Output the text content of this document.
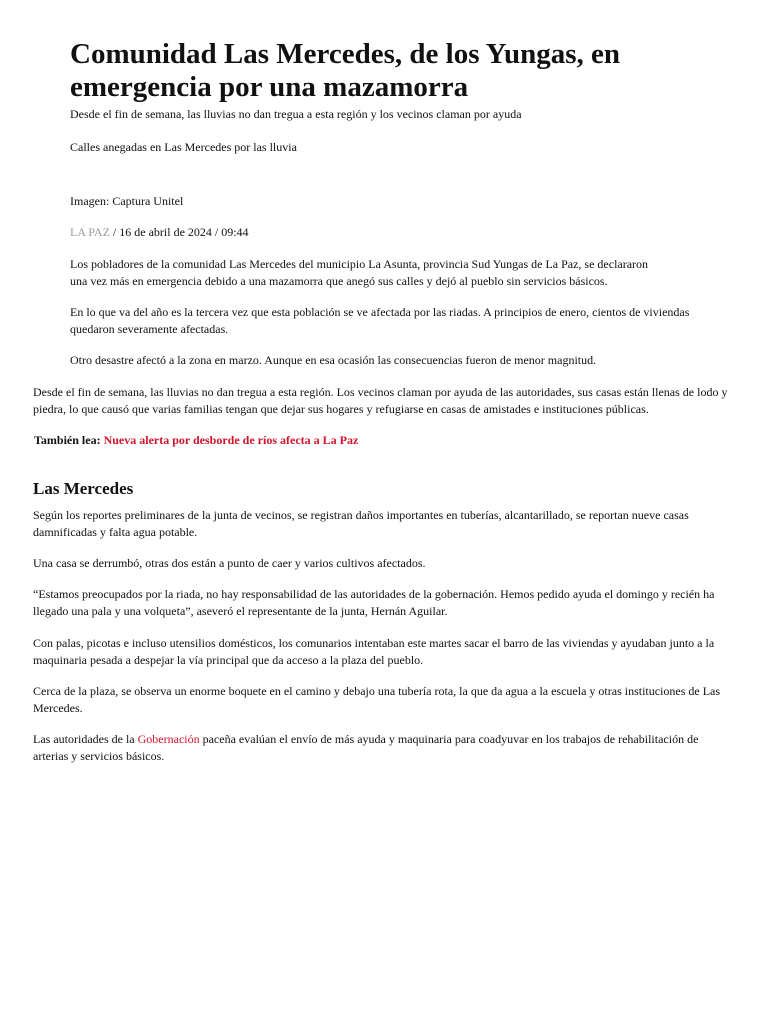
Comunidad Las Mercedes, de los Yungas, en emergencia por una mazamorra

Desde el fin de semana, las lluvias no dan tregua a esta región y los vecinos claman por ayuda

Calles anegadas en Las Mercedes por las lluvia

Imagen: Captura Unitel

LA PAZ / 16 de abril de 2024 / 09:44

Los pobladores de la comunidad Las Mercedes del municipio La Asunta, provincia Sud Yungas de La Paz, se declararon
una vez más en emergencia debido a una mazamorra que anegó sus calles y dejó al pueblo sin servicios básicos.

En lo que va del año es la tercera vez que esta población se ve afectada por las riadas. A principios de enero, cientos de viviendas quedaron severamente afectadas.

Otro desastre afectó a la zona en marzo. Aunque en esa ocasión las consecuencias fueron de menor magnitud.

Desde el fin de semana, las lluvias no dan tregua a esta región. Los vecinos claman por ayuda de las autoridades, sus casas están llenas de lodo y piedra, lo que causó que varias familias tengan que dejar sus hogares y refugiarse en casas de amistades e instituciones públicas.

También lea: Nueva alerta por desborde de ríos afecta a La Paz

Las Mercedes

Según los reportes preliminares de la junta de vecinos, se registran daños importantes en tuberías, alcantarillado, se reportan nueve casas damnificadas y falta agua potable.

Una casa se derrumbó, otras dos están a punto de caer y varios cultivos afectados.

“Estamos preocupados por la riada, no hay responsabilidad de las autoridades de la gobernación. Hemos pedido ayuda el domingo y recién ha llegado una pala y una volqueta”, aseveró el representante de la junta, Hernán Aguilar.

Con palas, picotas e incluso utensilios domésticos, los comunarios intentaban este martes sacar el barro de las viviendas y ayudaban junto a la maquinaria pesada a despejar la vía principal que da acceso a la plaza del pueblo.

Cerca de la plaza, se observa un enorme boquete en el camino y debajo una tubería rota, la que da agua a la escuela y otras instituciones de Las Mercedes.

Las autoridades de la Gobernación paceña evalúan el envío de más ayuda y maquinaria para coadyuvar en los trabajos de rehabilitación de arterias y servicios básicos.
